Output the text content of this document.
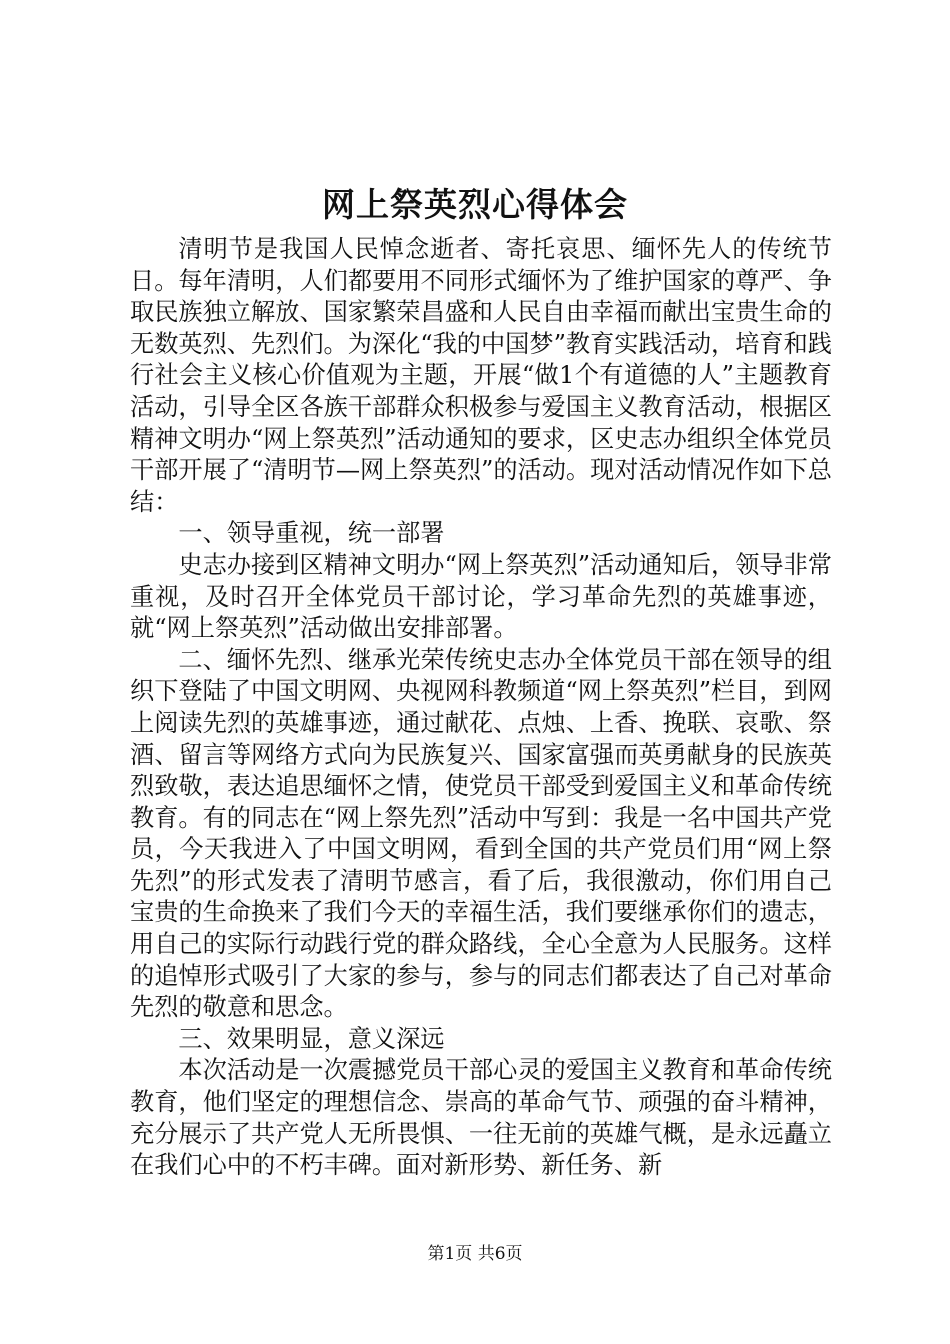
网上祭英烈心得体会

清明节是我国人民悼念逝者、寄托哀思、缅怀先人的传统节日。每年清明，人们都要用不同形式缅怀为了维护国家的尊严、争取民族独立解放、国家繁荣昌盛和人民自由幸福而献出宝贵生命的无数英烈、先烈们。为深化“我的中国梦”教育实践活动，培育和践行社会主义核心价值观为主题，开展“做1个有道德的人”主题教育活动，引导全区各族干部群众积极参与爱国主义教育活动，根据区精神文明办“网上祭英烈”活动通知的要求，区史志办组织全体党员干部开展了“清明节—网上祭英烈”的活动。现对活动情况作如下总结：

一、领导重视，统一部署

史志办接到区精神文明办“网上祭英烈”活动通知后，领导非常重视，及时召开全体党员干部讨论，学习革命先烈的英雄事迹，就“网上祭英烈”活动做出安排部署。

二、缅怀先烈、继承光荣传统史志办全体党员干部在领导的组织下登陆了中国文明网、央视网科教频道“网上祭英烈”栏目，到网上阅读先烈的英雄事迹，通过献花、点烛、上香、挽联、哀歌、祭酒、留言等网络方式向为民族复兴、国家富强而英勇献身的民族英烈致敬，表达追思缅怀之情，使党员干部受到爱国主义和革命传统教育。有的同志在“网上祭先烈”活动中写到：我是一名中国共产党员，今天我进入了中国文明网，看到全国的共产党员们用“网上祭先烈”的形式发表了清明节感言，看了后，我很激动，你们用自己宝贵的生命换来了我们今天的幸福生活，我们要继承你们的遗志，用自己的实际行动践行党的群众路线，全心全意为人民服务。这样的追悼形式吸引了大家的参与，参与的同志们都表达了自己对革命先烈的敬意和思念。

三、效果明显，意义深远

本次活动是一次震撼党员干部心灵的爱国主义教育和革命传统教育，他们坚定的理想信念、崇高的革命气节、顽强的奋斗精神，充分展示了共产党人无所畏惧、一往无前的英雄气概，是永远矗立在我们心中的不朽丰碑。面对新形势、新任务、新

第1页 共6页
